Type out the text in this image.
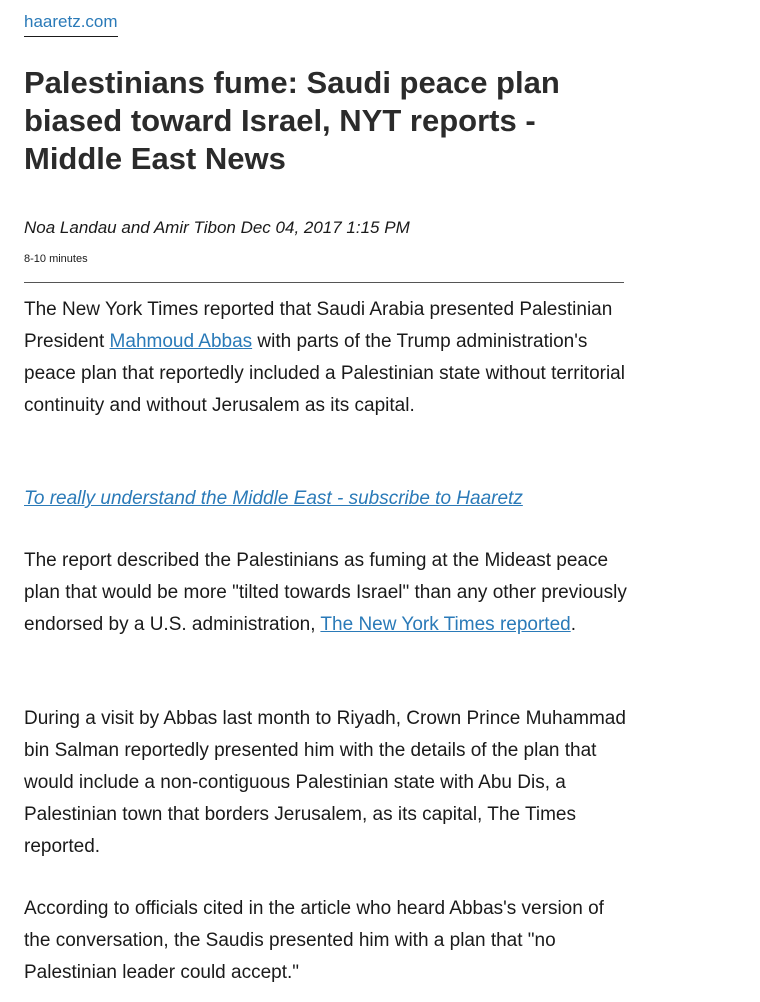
haaretz.com
Palestinians fume: Saudi peace plan biased toward Israel, NYT reports - Middle East News
Noa Landau and Amir Tibon Dec 04, 2017 1:15 PM
8-10 minutes

The New York Times reported that Saudi Arabia presented Palestinian President Mahmoud Abbas with parts of the Trump administration's peace plan that reportedly included a Palestinian state without territorial continuity and without Jerusalem as its capital.

To really understand the Middle East - subscribe to Haaretz

The report described the Palestinians as fuming at the Mideast peace plan that would be more "tilted towards Israel" than any other previously endorsed by a U.S. administration, The New York Times reported.

During a visit by Abbas last month to Riyadh, Crown Prince Muhammad bin Salman reportedly presented him with the details of the plan that would include a non-contiguous Palestinian state with Abu Dis, a Palestinian town that borders Jerusalem, as its capital, The Times reported.

According to officials cited in the article who heard Abbas's version of the conversation, the Saudis presented him with a plan that "no Palestinian leader could accept."
